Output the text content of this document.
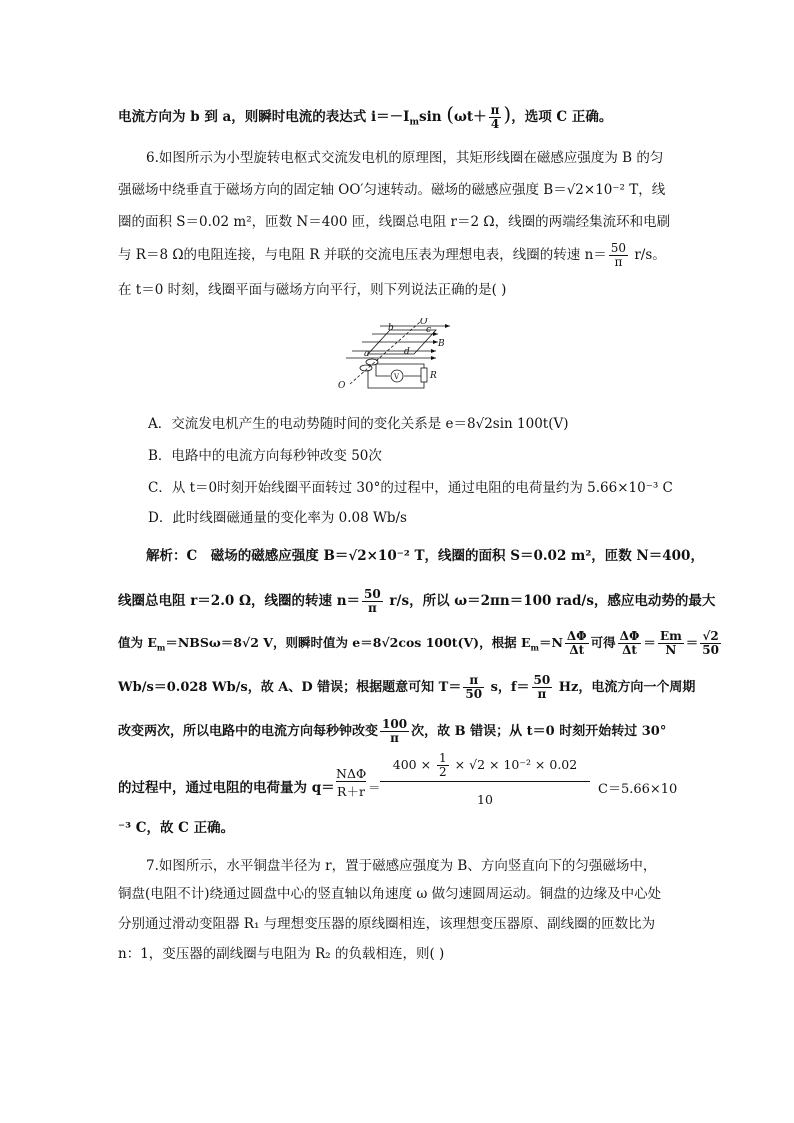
电流方向为 b 到 a，则瞬时电流的表达式 $i=-I_m\sin$ ($\omega t+ \frac{\pi}{4}$ )，选项 C 正确。
6.如图所示为小型旋转电枢式交流发电机的原理图，其矩形线圈在磁感应强度为 B 的匀
强磁场中绕垂直于磁场方向的固定轴 OO′匀速转动。磁场的磁感应强度 B＝√2×10⁻² T，线
圈的面积 S＝0.02 m²，匝数 N＝400 匝，线圈总电阻 r＝2 Ω，线圈的两端经集流环和电刷
与 R＝8 Ω的电阻连接，与电阻 R 并联的交流电压表为理想电表，线圈的转速 $n= \frac{50}{\pi} r/s$。
在 t＝0 时刻，线圈平面与磁场方向平行，则下列说法正确的是( )
O′
O
a
b	c
d
B
R
V
A．交流发电机产生的电动势随时间的变化关系是 e＝8√2sin 100t(V)
B．电路中的电流方向每秒钟改变 50次
C．从 t＝0时刻开始线圈平面转过 30°的过程中，通过电阻的电荷量约为 5.66×10⁻³ C
D．此时线圈磁通量的变化率为 0.08 Wb/s
解析：C　磁场的磁感应强度 B＝√2×10⁻² T，线圈的面积 S＝0.02 m²，匝数 N＝400，
线圈总电阻 r＝2.0 Ω，线圈的转速 $n= \frac{50}{\pi} r/s$，所以 ω＝2πn＝100 rad/s，感应电动势的最大
值为 $E_m=NBS\omega=8√2$ V，则瞬时值为 e＝8√2cos 100t(V)，根据 $E_m=N \frac{\Delta\Phi}{\Delta t}$ 可得 $\frac{\Delta\Phi}{\Delta t} = \frac{Em}{N} = \frac{√2}{50}$
Wb/s＝0.028 Wb/s，故 A、D 错误；根据题意可知 $T= \frac{\pi}{50}$ s，$f= \frac{50}{\pi}$ Hz，电流方向一个周期
改变两次，所以电路中的电流方向每秒钟改变 $\frac{100}{\pi}$ 次，故 B 错误；从 t＝0 时刻开始转过 30°
的过程中，通过电阻的电荷量为 q＝
NΔΦ
$R+r = \frac{400 \times \frac{1}{2} \times √2 \times 10^{-2} \times 0.02}{10} C=5.66\times 10$
⁻³ C，故 C 正确。
7.如图所示，水平铜盘半径为 r，置于磁感应强度为 B、方向竖直向下的匀强磁场中，
铜盘(电阻不计)绕通过圆盘中心的竖直轴以角速度 ω 做匀速圆周运动。铜盘的边缘及中心处
分别通过滑动变阻器 R₁ 与理想变压器的原线圈相连，该理想变压器原、副线圈的匝数比为
n：1，变压器的副线圈与电阻为 R₂ 的负载相连，则( )
